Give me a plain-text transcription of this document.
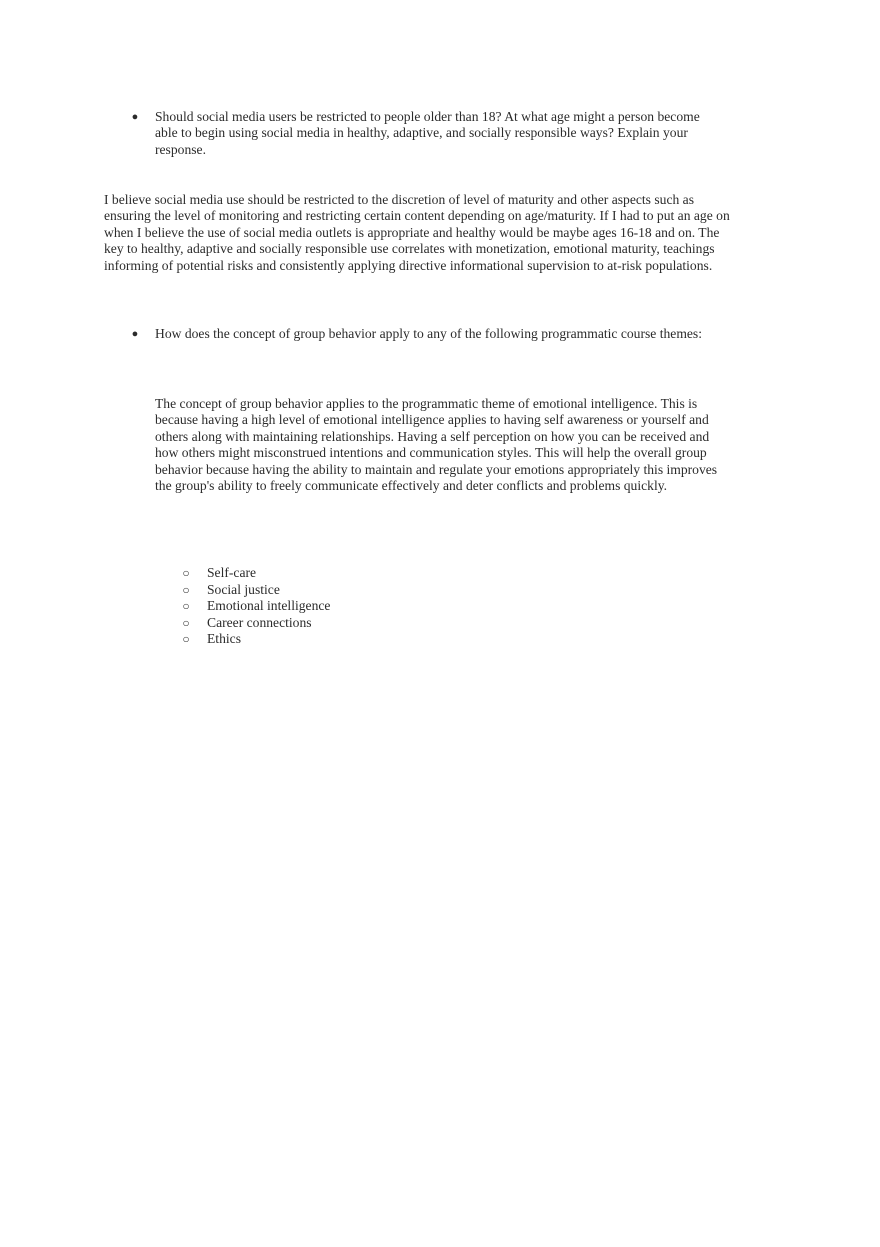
● Should social media users be restricted to people older than 18? At what age might a person become able to begin using social media in healthy, adaptive, and socially responsible ways? Explain your response.
I believe social media use should be restricted to the discretion of level of maturity and other aspects such as ensuring the level of monitoring and restricting certain content depending on age/maturity. If I had to put an age on when I believe the use of social media outlets is appropriate and healthy would be maybe ages 16-18 and on. The key to healthy, adaptive and socially responsible use correlates with monetization, emotional maturity, teachings informing of potential risks and consistently applying directive informational supervision to at-risk populations.
● How does the concept of group behavior apply to any of the following programmatic course themes:
The concept of group behavior applies to the programmatic theme of emotional intelligence. This is because having a high level of emotional intelligence applies to having self awareness or yourself and others along with maintaining relationships. Having a self perception on how you can be received and how others might misconstrued intentions and communication styles. This will help the overall group behavior because having the ability to maintain and regulate your emotions appropriately this improves the group's ability to freely communicate effectively and deter conflicts and problems quickly.
○ Self-care
○ Social justice
○ Emotional intelligence
○ Career connections
○ Ethics
